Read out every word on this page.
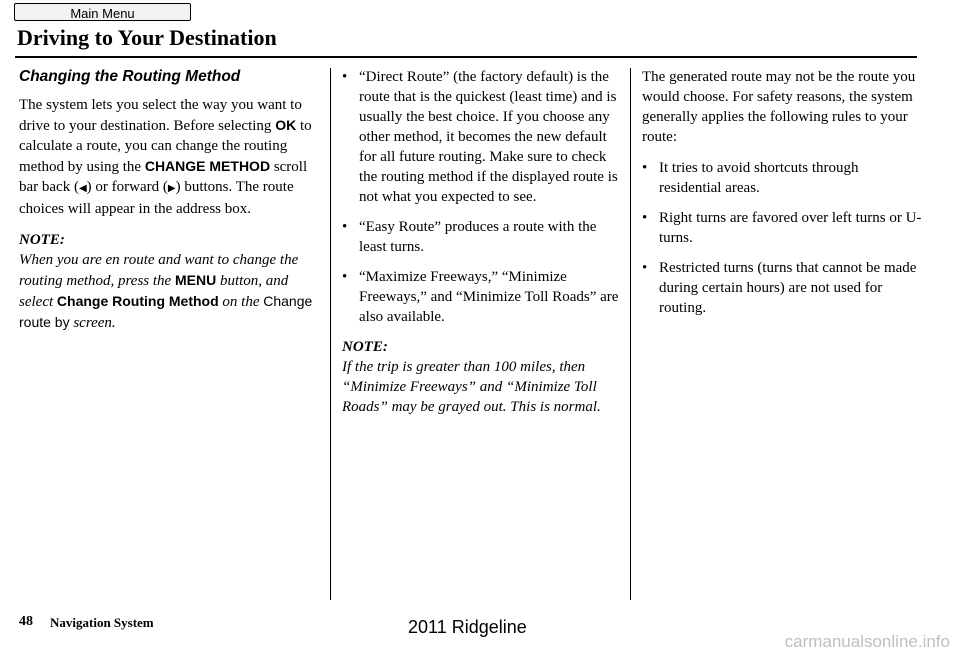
Main Menu
Driving to Your Destination
Changing the Routing Method

The system lets you select the way you want to drive to your destination. Before selecting OK to calculate a route, you can change the routing method by using the CHANGE METHOD scroll bar back (◀) or forward (▶) buttons. The route choices will appear in the address box.

NOTE:

When you are en route and want to change the routing method, press the MENU button, and select Change Routing Method on the Change route by screen.

• “Direct Route” (the factory default) is the route that is the quickest (least time) and is usually the best choice. If you choose any other method, it becomes the new default for all future routing. Make sure to check the routing method if the displayed route is not what you expected to see.

• “Easy Route” produces a route with the least turns.

• “Maximize Freeways,” “Minimize Freeways,” and “Minimize Toll Roads” are also available.

NOTE:

If the trip is greater than 100 miles, then “Minimize Freeways” and “Minimize Toll Roads” may be grayed out. This is normal.

The generated route may not be the route you would choose. For safety reasons, the system generally applies the following rules to your route:

• It tries to avoid shortcuts through residential areas.

• Right turns are favored over left turns or U-turns.

• Restricted turns (turns that cannot be made during certain hours) are not used for routing.

48 Navigation System	2011 Ridgeline
carmanualsonline.info
